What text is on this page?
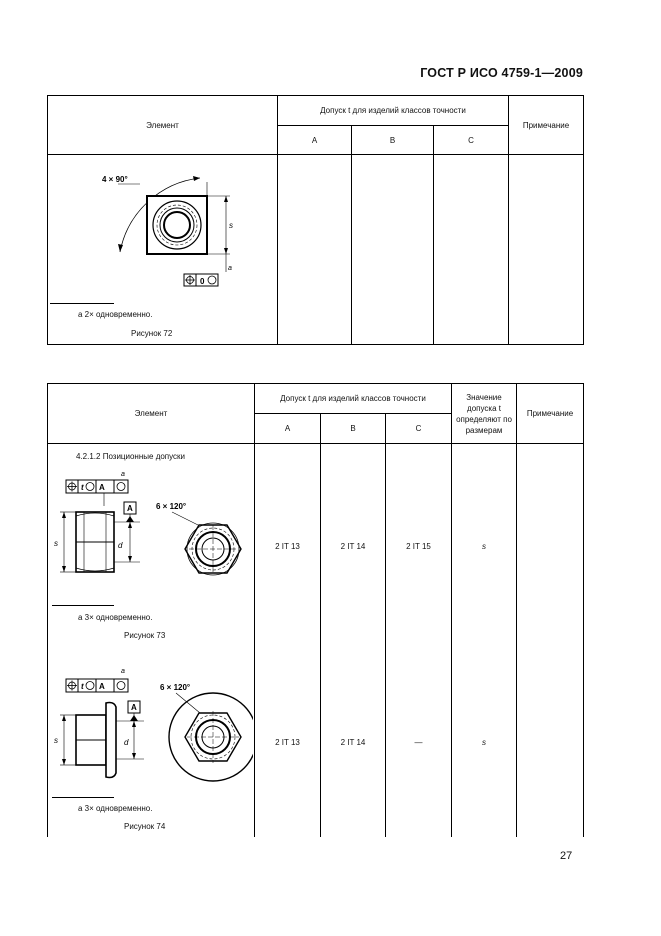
ГОСТ Р ИСО 4759-1—2009
Элемент
Допуск t для изделий классов точности
A	B	C
Примечание
s
4 × 90°
0
a
a 2× одновременно.
Рисунок 72
Элемент
Допуск t для изделий классов точности
A	B	C
Значение допуска t определяют по размерам
Примечание
4.2.1.2 Позиционные допуски
t A
a
s	d
A	6 × 120°
a 3× одновременно.
Рисунок 73
2 IT 13	2 IT 14	2 IT 15	s
t A
a
s	d
A
6 × 120°
a 3× одновременно.
Рисунок 74
2 IT 13	2 IT 14	—	s
27
